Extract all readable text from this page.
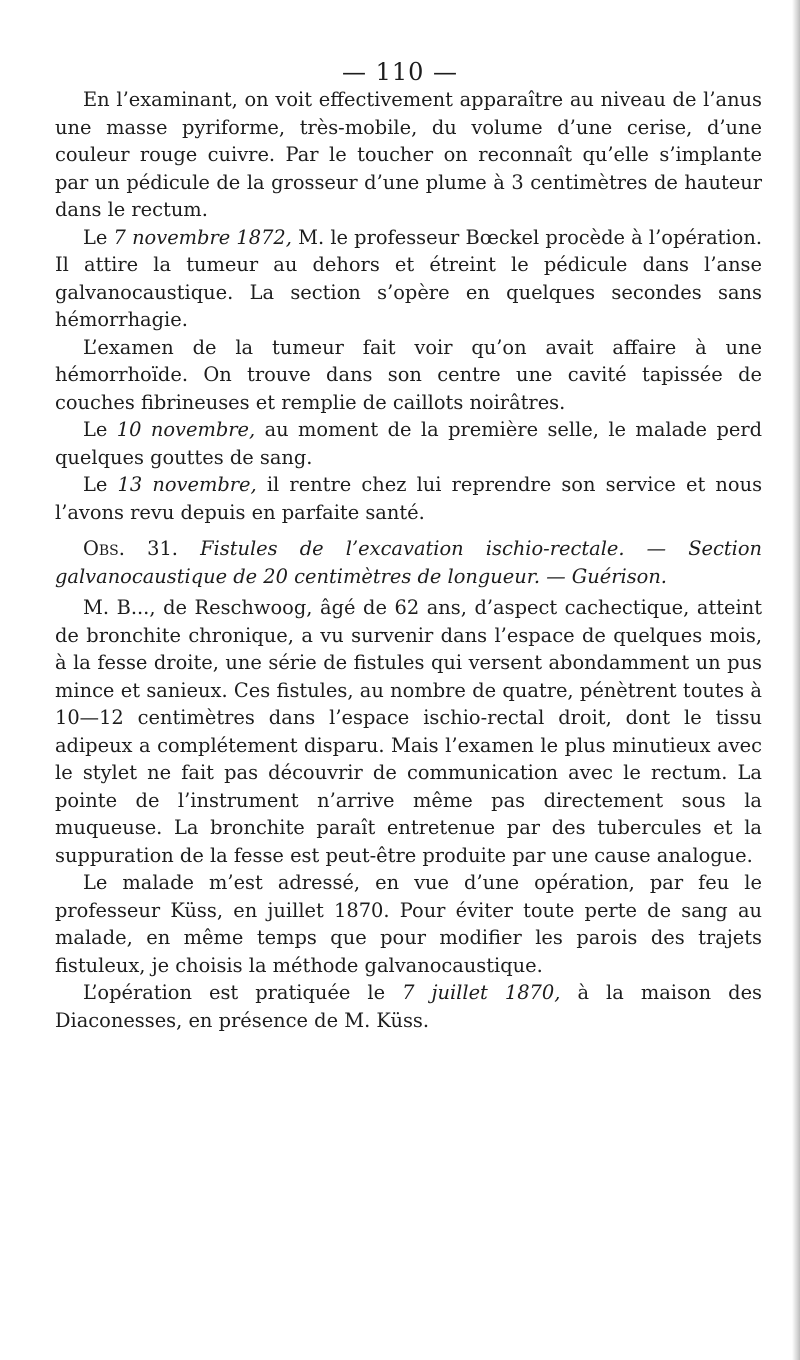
— 110 —

En l’examinant, on voit effectivement apparaître au niveau de l’anus une masse pyriforme, très-mobile, du volume d’une cerise, d’une couleur rouge cuivre. Par le toucher on reconnaît qu’elle s’implante par un pédicule de la grosseur d’une plume à 3 centimètres de hauteur dans le rectum.

Le 7 novembre 1872, M. le professeur Bœckel procède à l’opération. Il attire la tumeur au dehors et étreint le pédicule dans l’anse galvanocaustique. La section s’opère en quelques secondes sans hémorrhagie.

L’examen de la tumeur fait voir qu’on avait affaire à une hémorrhoïde. On trouve dans son centre une cavité tapissée de couches fibrineuses et remplie de caillots noirâtres.

Le 10 novembre, au moment de la première selle, le malade perd quelques gouttes de sang.

Le 13 novembre, il rentre chez lui reprendre son service et nous l’avons revu depuis en parfaite santé.

Obs. 31. Fistules de l’excavation ischio-rectale. — Section galvanocaustique de 20 centimètres de longueur. — Guérison.

M. B..., de Reschwoog, âgé de 62 ans, d’aspect cachectique, atteint de bronchite chronique, a vu survenir dans l’espace de quelques mois, à la fesse droite, une série de fistules qui versent abondamment un pus mince et sanieux. Ces fistules, au nombre de quatre, pénètrent toutes à 10—12 centimètres dans l’espace ischio-rectal droit, dont le tissu adipeux a complétement disparu. Mais l’examen le plus minutieux avec le stylet ne fait pas découvrir de communication avec le rectum. La pointe de l’instrument n’arrive même pas directement sous la muqueuse. La bronchite paraît entretenue par des tubercules et la suppuration de la fesse est peut-être produite par une cause analogue.

Le malade m’est adressé, en vue d’une opération, par feu le professeur Küss, en juillet 1870. Pour éviter toute perte de sang au malade, en même temps que pour modifier les parois des trajets fistuleux, je choisis la méthode galvanocaustique.

L’opération est pratiquée le 7 juillet 1870, à la maison des Diaconesses, en présence de M. Küss.
